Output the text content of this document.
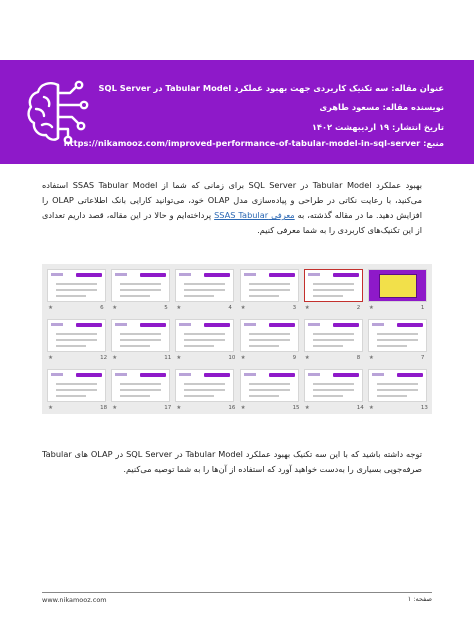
عنوان مقاله: سه تکنیک کاربردی جهت بهبود عملکرد Tabular Model در SQL Server
نویسنده مقاله: مسعود طاهری
تاریخ انتشار: ۱۹ اردیبهشت ۱۴۰۲
منبع: https://nikamooz.com/improved-performance-of-tabular-model-in-sql-server
بهبود عملکرد Tabular Model در SQL Server برای زمانی که شما از SSAS Tabular Model استفاده می‌کنید، با رعایت نکاتی در طراحی و پیاده‌سازی مدل OLAP خود، می‌توانید کارایی بانک اطلاعاتی OLAP را افزایش دهید. ما در مقاله گذشته، به معرفی SSAS Tabular پرداخته‌ایم و حالا در این مقاله، قصد داریم تعدادی از این تکنیک‌های کاربردی را به شما معرفی کنیم.
1
★
2
★
3
★
4
★
5
★
6
★
7
★
8
★
9
★
10
★
11
★
12
★
13
★
14
★
15
★
16
★
17
★
18
★
توجه داشته باشید که با این سه تکنیک بهبود عملکرد Tabular Model در SQL Server در OLAP های Tabular صرفه‌جویی بسیاری را به‌دست خواهید آورد که استفاده از آن‌ها را به شما توصیه می‌کنیم.
www.nikamooz.com	صفحه: ۱
